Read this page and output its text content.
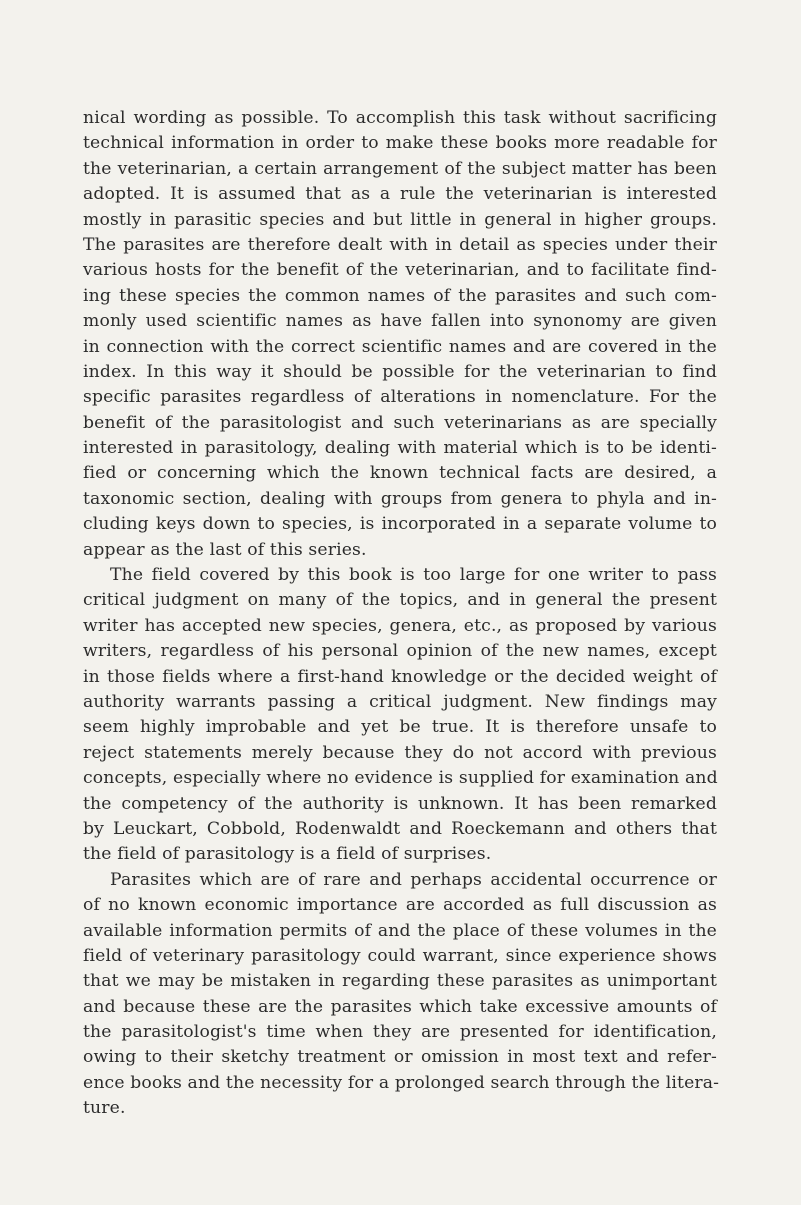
nical wording as possible. To accomplish this task without sacrificing
technical information in order to make these books more readable for
the veterinarian, a certain arrangement of the subject matter has been
adopted. It is assumed that as a rule the veterinarian is interested
mostly in parasitic species and but little in general in higher groups.
The parasites are therefore dealt with in detail as species under their
various hosts for the benefit of the veterinarian, and to facilitate find-
ing these species the common names of the parasites and such com-
monly used scientific names as have fallen into synonomy are given
in connection with the correct scientific names and are covered in the
index. In this way it should be possible for the veterinarian to find
specific parasites regardless of alterations in nomenclature. For the
benefit of the parasitologist and such veterinarians as are specially
interested in parasitology, dealing with material which is to be identi-
fied or concerning which the known technical facts are desired, a
taxonomic section, dealing with groups from genera to phyla and in-
cluding keys down to species, is incorporated in a separate volume to
appear as the last of this series.
The field covered by this book is too large for one writer to pass
critical judgment on many of the topics, and in general the present
writer has accepted new species, genera, etc., as proposed by various
writers, regardless of his personal opinion of the new names, except
in those fields where a first-hand knowledge or the decided weight of
authority warrants passing a critical judgment. New findings may
seem highly improbable and yet be true. It is therefore unsafe to
reject statements merely because they do not accord with previous
concepts, especially where no evidence is supplied for examination and
the competency of the authority is unknown. It has been remarked
by Leuckart, Cobbold, Rodenwaldt and Roeckemann and others that
the field of parasitology is a field of surprises.
Parasites which are of rare and perhaps accidental occurrence or
of no known economic importance are accorded as full discussion as
available information permits of and the place of these volumes in the
field of veterinary parasitology could warrant, since experience shows
that we may be mistaken in regarding these parasites as unimportant
and because these are the parasites which take excessive amounts of
the parasitologist's time when they are presented for identification,
owing to their sketchy treatment or omission in most text and refer-
ence books and the necessity for a prolonged search through the litera-
ture.
